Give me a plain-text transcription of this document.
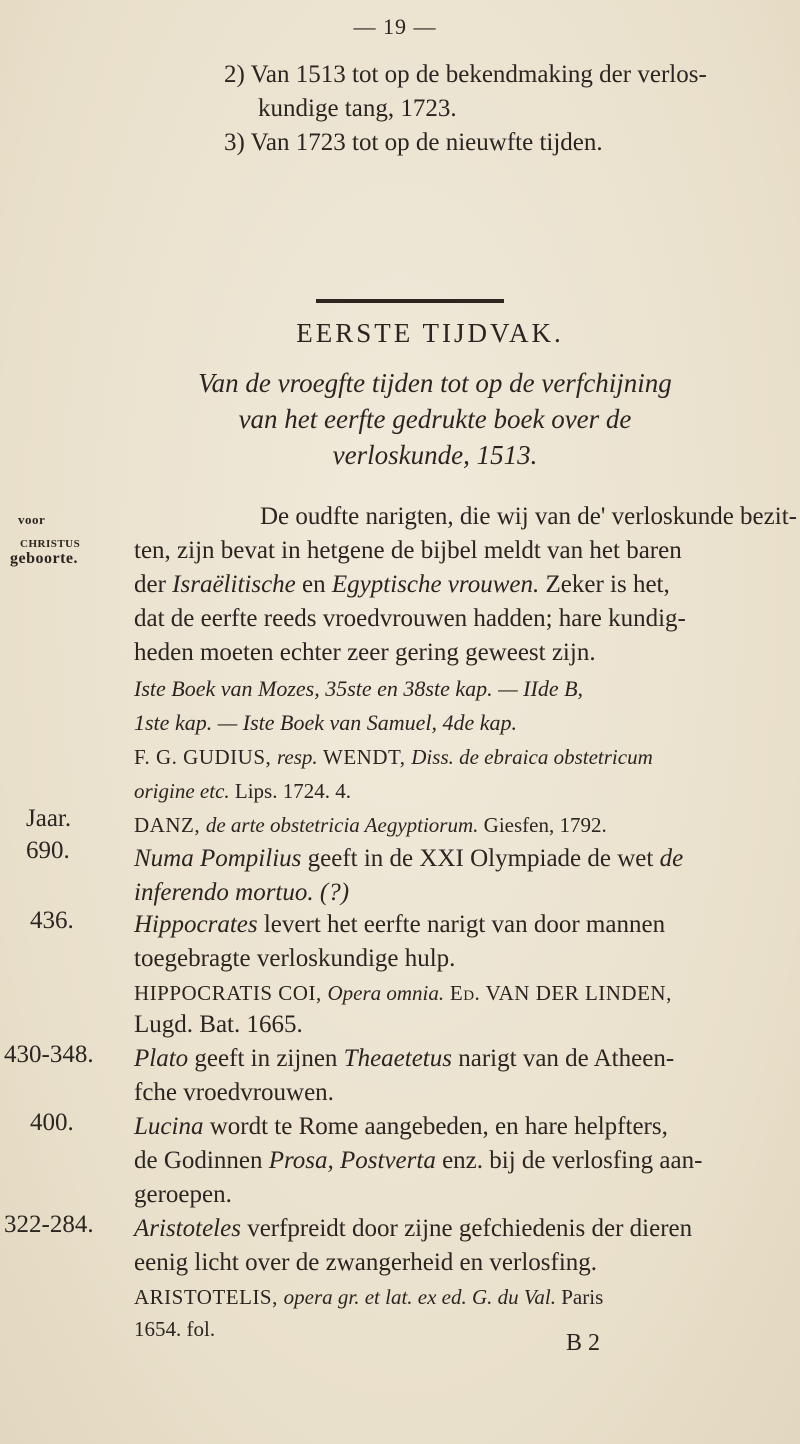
— 19 —
2) Van 1513 tot op de bekendmaking der verlos-
kundige tang, 1723.
3) Van 1723 tot op de nieuwfte tijden.
EERSTE TIJDVAK.
Van de vroegfte tijden tot op de verfchijning
van het eerfte gedrukte boek over de
verloskunde, 1513.
voor
CHRISTUS
geboorte.
Jaar.
690.
436.
430-348.
400.
322-284.
De oudfte narigten, die wij van de' verloskunde bezit-
ten, zijn bevat in hetgene de bijbel meldt van het baren
der Israëlitische en Egyptische vrouwen. Zeker is het,
dat de eerfte reeds vroedvrouwen hadden; hare kundig-
heden moeten echter zeer gering geweest zijn.
Iste Boek van Mozes, 35ste en 38ste kap. — IIde B,
1ste kap. — Iste Boek van Samuel, 4de kap.
F. G. GUDIUS, resp. WENDT, Diss. de ebraica obstetricum
origine etc. Lips. 1724. 4.
DANZ, de arte obstetricia Aegyptiorum. Giesfen, 1792.
Numa Pompilius geeft in de XXI Olympiade de wet de
inferendo mortuo. (?)
Hippocrates levert het eerfte narigt van door mannen
toegebragte verloskundige hulp.
HIPPOCRATIS COI, Opera omnia. Ed. VAN DER LINDEN,
Lugd. Bat. 1665.
Plato geeft in zijnen Theaetetus narigt van de Atheen-
fche vroedvrouwen.
Lucina wordt te Rome aangebeden, en hare helpfters,
de Godinnen Prosa, Postverta enz. bij de verlosfing aan-
geroepen.
Aristoteles verfpreidt door zijne gefchiedenis der dieren
eenig licht over de zwangerheid en verlosfing.
ARISTOTELIS, opera gr. et lat. ex ed. G. du Val. Paris
1654. fol.
B 2
